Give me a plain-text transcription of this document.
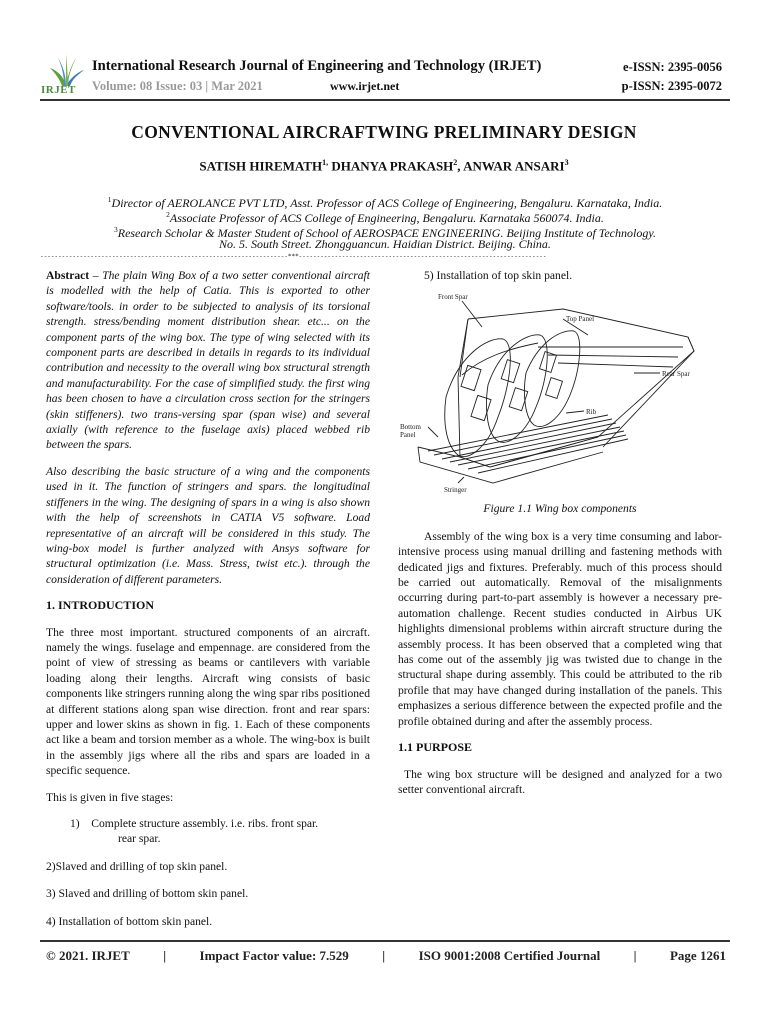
IRJET
International Research Journal of Engineering and Technology (IRJET)
Volume: 08 Issue: 03 | Mar 2021	www.irjet.net
e-ISSN: 2395-0056
p-ISSN: 2395-0072
CONVENTIONAL AIRCRAFTWING PRELIMINARY DESIGN
SATISH $HIREMATH^{1,}$ DHANYA PRAKASH$^2$, ANWAR ANSARI$^3$
$^1$Director of AEROLANCE PVT LTD, Asst. Professor of ACS College of Engineering, Bengaluru. Karnataka, India.
$^2$Associate Professor of ACS College of Engineering, Bengaluru. Karnataka 560074. India.
$^3$Research Scholar & Master Student of School of AEROSPACE ENGINEERING. Beijing Institute of Technology.
No. 5. South Street. Zhongguancun. Haidian District. Beijing. China.
---------------------------------------------------------------------***---------------------------------------------------------------------

Abstract – The plain Wing Box of a two setter conventional aircraft is modelled with the help of Catia. This is exported to other software/tools. in order to be subjected to analysis of its torsional strength. stress/bending moment distribution shear. etc... on the component parts of the wing box. The type of wing selected with its component parts are described in details in regards to its individual contribution and necessity to the overall wing box structural strength and manufacturability. For the case of simplified study. the first wing has been chosen to have a circulation cross section for the stringers (skin stiffeners). two trans-versing spar (span wise) and several axially (with reference to the fuselage axis) placed webbed rib between the spars.

Also describing the basic structure of a wing and the components used in it. The function of stringers and spars. the longitudinal stiffeners in the wing. The designing of spars in a wing is also shown with the help of screenshots in CATIA V5 software. Load representative of an aircraft will be considered in this study. The wing-box model is further analyzed with Ansys software for structural optimization (i.e. Mass. Stress, twist etc.). through the consideration of different parameters.

1. INTRODUCTION

The three most important. structured components of an aircraft. namely the wings. fuselage and empennage. are considered from the point of view of stressing as beams or cantilevers with variable loading along their lengths. Aircraft wing consists of basic components like stringers running along the wing spar ribs positioned at different stations along span wise direction. front and rear spars: upper and lower skins as shown in fig. 1. Each of these components act like a beam and torsion member as a whole. The wing-box is built in the assembly jigs where all the ribs and spars are loaded in a specific sequence.

This is given in five stages:

1) Complete structure assembly. i.e. ribs. front spar.
rear spar.
2)Slaved and drilling of top skin panel.
3) Slaved and drilling of bottom skin panel.
4) Installation of bottom skin panel.
5) Installation of top skin panel.
Front Spar
Top Panel
Rear Spar
Rib
Bottom
Panel
Stringer
Figure 1.1 Wing box components

Assembly of the wing box is a very time consuming and labor-intensive process using manual drilling and fastening methods with dedicated jigs and fixtures. Preferably. much of this process should be carried out automatically. Removal of the misalignments occurring during part-to-part assembly is however a necessary pre-automation challenge. Recent studies conducted in Airbus UK highlights dimensional problems within aircraft structure during the assembly process. It has been observed that a completed wing that has come out of the assembly jig was twisted due to change in the structural shape during assembly. This could be attributed to the rib profile that may have changed during installation of the panels. This emphasizes a serious difference between the expected profile and the profile obtained during and after the assembly process.

1.1 PURPOSE

The wing box structure will be designed and analyzed for a two setter conventional aircraft.

© 2021. IRJET	|	Impact Factor value: 7.529	|	ISO 9001:2008 Certified Journal	|	Page 1261
